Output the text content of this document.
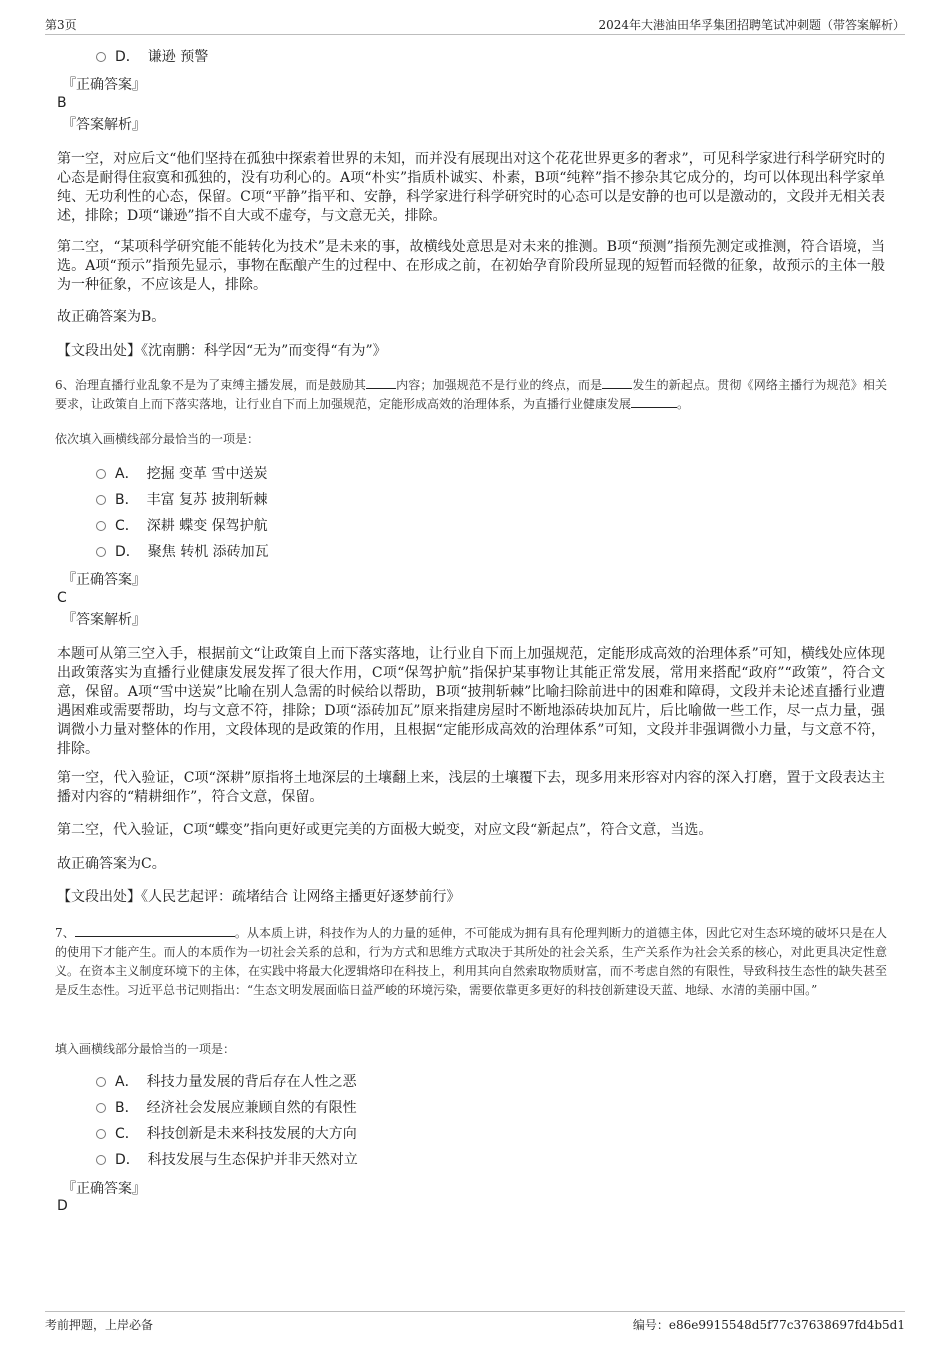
第3页	2024年大港油田华孚集团招聘笔试冲刺题（带答案解析）
D． 谦逊 预警
『正确答案』
B
『答案解析』
第一空，对应后文“他们坚持在孤独中探索着世界的未知，而并没有展现出对这个花花世界更多的奢求”，可见科学家进行科学研究时的心态是耐得住寂寞和孤独的，没有功利心的。A项“朴实”指质朴诚实、朴素，B项“纯粹”指不掺杂其它成分的，均可以体现出科学家单纯、无功利性的心态，保留。C项“平静”指平和、安静，科学家进行科学研究时的心态可以是安静的也可以是激动的，文段并无相关表述，排除；D项“谦逊”指不自大或不虚夸，与文意无关，排除。
第二空，“某项科学研究能不能转化为技术”是未来的事，故横线处意思是对未来的推测。B项“预测”指预先测定或推测，符合语境，当选。A项“预示”指预先显示，事物在酝酿产生的过程中、在形成之前，在初始孕育阶段所显现的短暂而轻微的征象，故预示的主体一般为一种征象，不应该是人，排除。
故正确答案为B。
【文段出处】《沈南鹏：科学因“无为”而变得“有为”》
6、治理直播行业乱象不是为了束缚主播发展，而是鼓励其	内容；加强规范不是行业的终点，而是	发生的新起点。贯彻《网络主播行为规范》相关要求，让政策自上而下落实落地，让行业自下而上加强规范，定能形成高效的治理体系，为直播行业健康发展	。
依次填入画横线部分最恰当的一项是：
A． 挖掘 变革 雪中送炭
B． 丰富 复苏 披荆斩棘
C． 深耕 蝶变 保驾护航
D． 聚焦 转机 添砖加瓦
『正确答案』
C
『答案解析』
本题可从第三空入手，根据前文“让政策自上而下落实落地，让行业自下而上加强规范，定能形成高效的治理体系”可知，横线处应体现出政策落实为直播行业健康发展发挥了很大作用，C项“保驾护航”指保护某事物让其能正常发展，常用来搭配“政府”“政策”，符合文意，保留。A项“雪中送炭”比喻在别人急需的时候给以帮助，B项“披荆斩棘”比喻扫除前进中的困难和障碍，文段并未论述直播行业遭遇困难或需要帮助，均与文意不符，排除；D项“添砖加瓦”原来指建房屋时不断地添砖块加瓦片，后比喻做一些工作，尽一点力量，强调微小力量对整体的作用，文段体现的是政策的作用，且根据“定能形成高效的治理体系”可知，文段并非强调微小力量，与文意不符，排除。
第一空，代入验证，C项“深耕”原指将土地深层的土壤翻上来，浅层的土壤覆下去，现多用来形容对内容的深入打磨，置于文段表达主播对内容的“精耕细作”，符合文意，保留。
第二空，代入验证，C项“蝶变”指向更好或更完美的方面极大蜕变，对应文段“新起点”，符合文意，当选。
故正确答案为C。
【文段出处】《人民艺起评：疏堵结合 让网络主播更好逐梦前行》
7、	。从本质上讲，科技作为人的力量的延伸，不可能成为拥有具有伦理判断力的道德主体，因此它对生态环境的破坏只是在人的使用下才能产生。而人的本质作为一切社会关系的总和，行为方式和思维方式取决于其所处的社会关系，生产关系作为社会关系的核心，对此更具决定性意义。在资本主义制度环境下的主体，在实践中将最大化逻辑烙印在科技上，利用其向自然索取物质财富，而不考虑自然的有限性，导致科技生态性的缺失甚至是反生态性。习近平总书记则指出：“生态文明发展面临日益严峻的环境污染，需要依靠更多更好的科技创新建设天蓝、地绿、水清的美丽中国。”
填入画横线部分最恰当的一项是：
A． 科技力量发展的背后存在人性之恶
B． 经济社会发展应兼顾自然的有限性
C． 科技创新是未来科技发展的大方向
D． 科技发展与生态保护并非天然对立
『正确答案』
D
考前押题，上岸必备	编号：e86e9915548d5f77c37638697fd4b5d1
